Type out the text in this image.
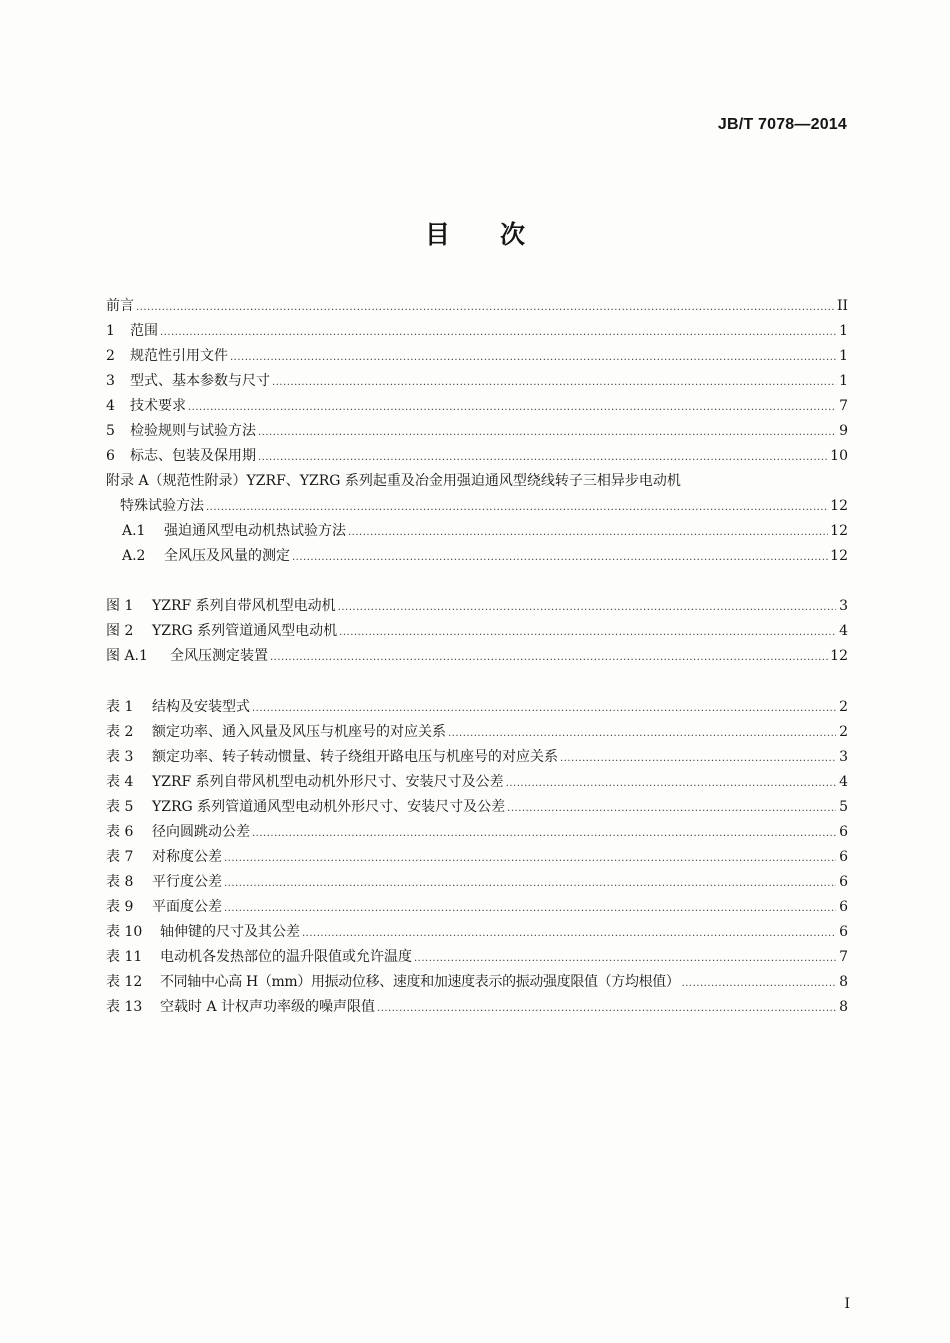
JB/T 7078—2014
目　　次
前言 .....	II
1	范围 .....	1
2	规范性引用文件 .....	1
3	型式、基本参数与尺寸 .....	1
4	技术要求 .....	7
5	检验规则与试验方法 .....	9
6	标志、包装及保用期 .....	10
附录 A（规范性附录）YZRF、YZRG 系列起重及冶金用强迫通风型绕线转子三相异步电动机
特殊试验方法 .....	12
A.1	强迫通风型电动机热试验方法 .....	12
A.2	全风压及风量的测定 .....	12
图 1	YZRF 系列自带风机型电动机 .....	3
图 2	YZRG 系列管道通风型电动机 .....	4
图 A.1	全风压测定装置 .....	12
表 1	结构及安装型式 .....	2
表 2	额定功率、通入风量及风压与机座号的对应关系 .....	2
表 3	额定功率、转子转动惯量、转子绕组开路电压与机座号的对应关系 .....	3
表 4	YZRF 系列自带风机型电动机外形尺寸、安装尺寸及公差 .....	4
表 5	YZRG 系列管道通风型电动机外形尺寸、安装尺寸及公差 .....	5
表 6	径向圆跳动公差 .....	6
表 7	对称度公差 .....	6
表 8	平行度公差 .....	6
表 9	平面度公差 .....	6
表 10	轴伸键的尺寸及其公差 .....	6
表 11	电动机各发热部位的温升限值或允许温度 .....	7
表 12	不同轴中心高 H（mm）用振动位移、速度和加速度表示的振动强度限值（方均根值） .....	8
表 13	空载时 A 计权声功率级的噪声限值 .....	8
I
